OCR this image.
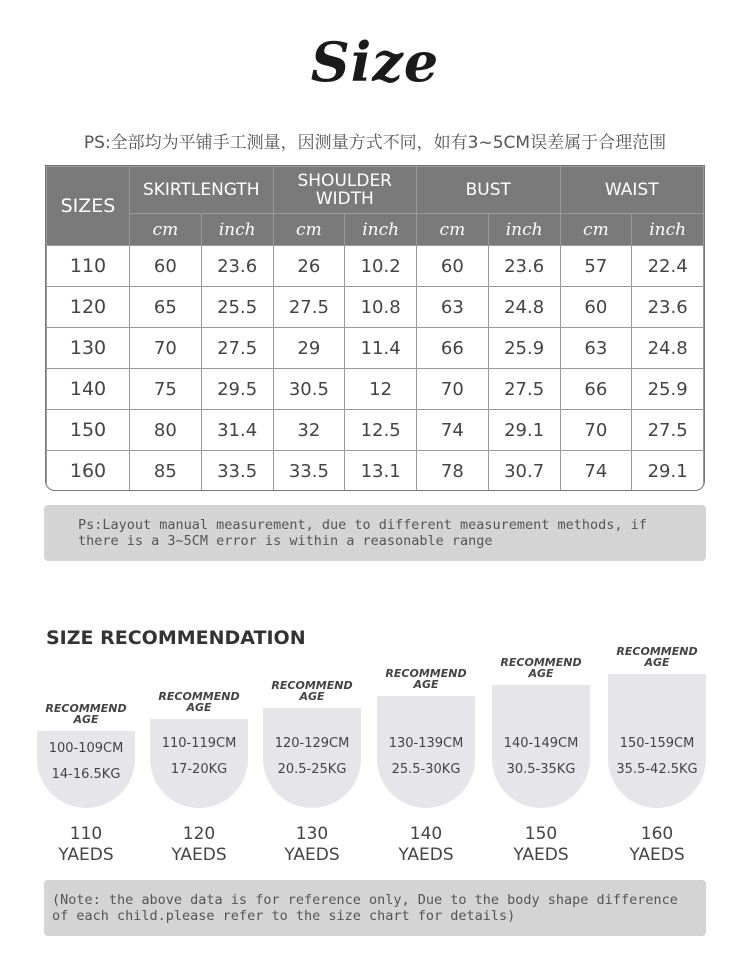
Size
PS:全部均为平铺手工测量，因测量方式不同，如有3~5CM误差属于合理范围
SIZES	SKIRTLENGTH		SHOULDER WIDTH		BUST		WAIST	
	cm	inch	cm	inch	cm	inch	cm	inch
110	60	23.6	26	10.2	60	23.6	57	22.4
120	65	25.5	27.5	10.8	63	24.8	60	23.6
130	70	27.5	29	11.4	66	25.9	63	24.8
140	75	29.5	30.5	12	70	27.5	66	25.9
150	80	31.4	32	12.5	74	29.1	70	27.5
160	85	33.5	33.5	13.1	78	30.7	74	29.1
Ps:Layout manual measurement, due to different measurement methods, if there is a 3~5CM error is within a reasonable range
SIZE RECOMMENDATION
RECOMMEND AGE
100-109CM
14-16.5KG
110
YAEDS
RECOMMEND AGE
110-119CM
17-20KG
120
YAEDS
RECOMMEND AGE
120-129CM
20.5-25KG
130
YAEDS
RECOMMEND AGE
130-139CM
25.5-30KG
140
YAEDS
RECOMMEND AGE
140-149CM
30.5-35KG
150
YAEDS
RECOMMEND AGE
150-159CM
35.5-42.5KG
160
YAEDS
(Note: the above data is for reference only, Due to the body shape difference of each child.please refer to the size chart for details)
